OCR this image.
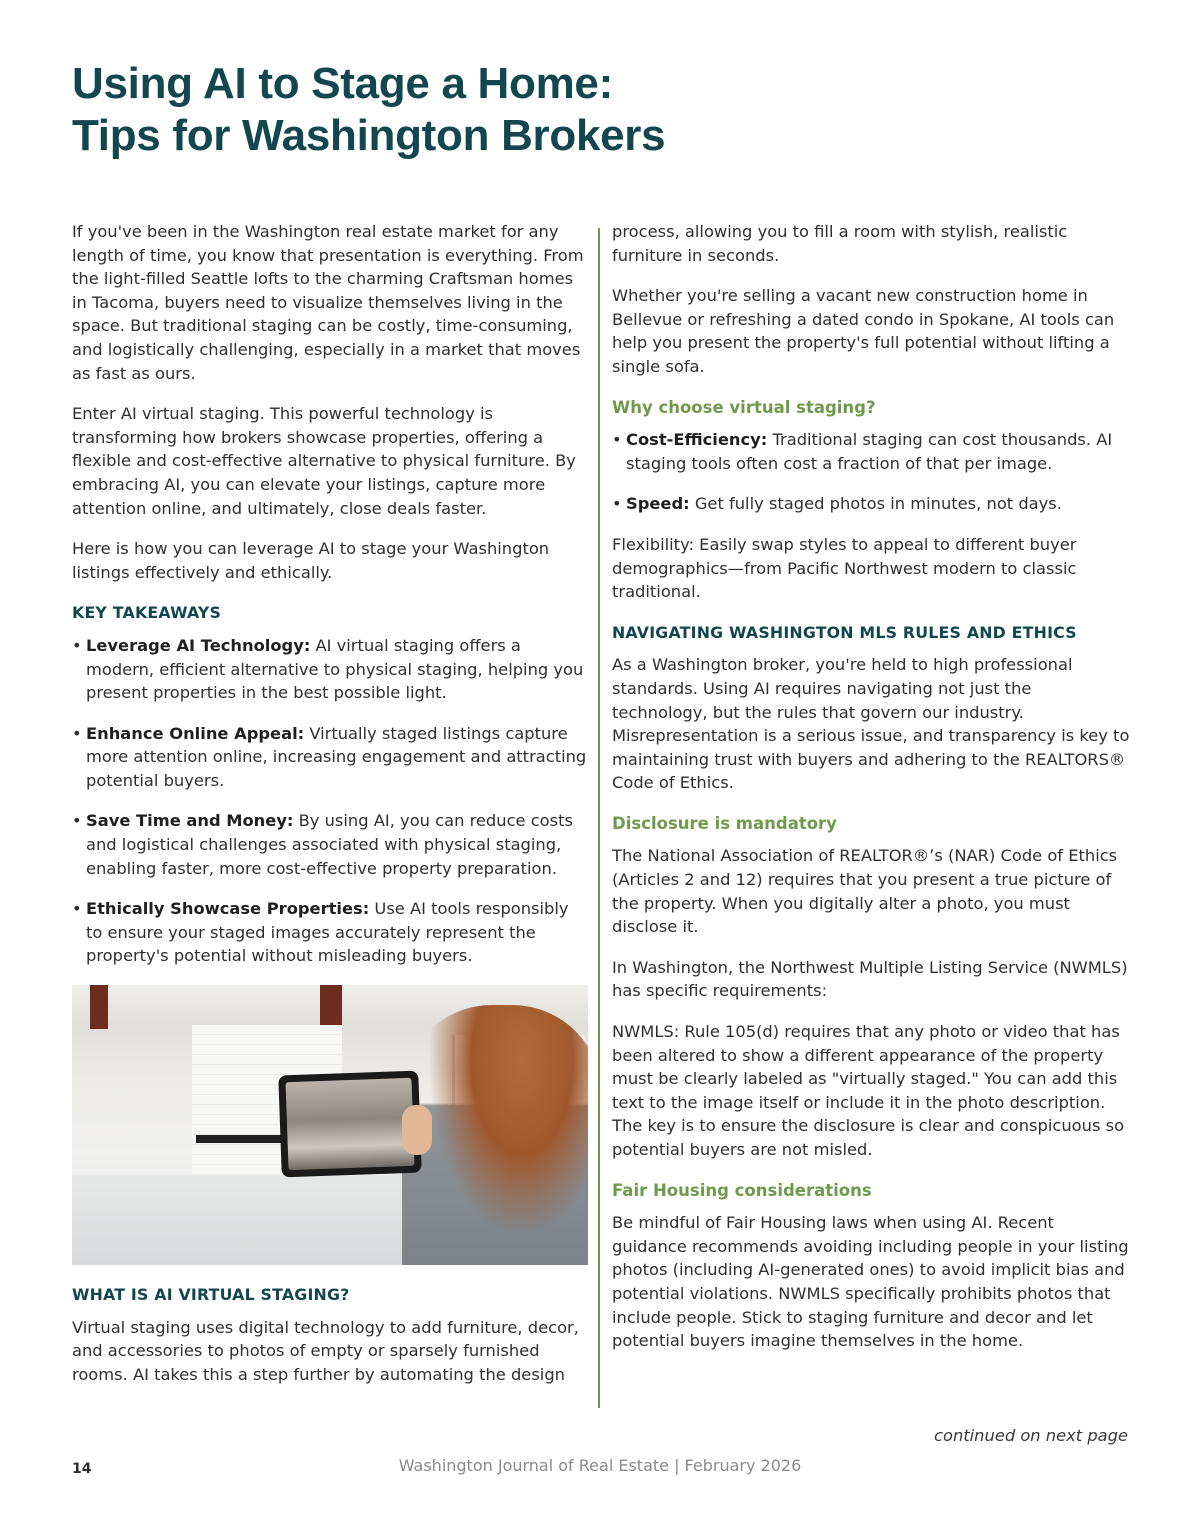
Using AI to Stage a Home:
Tips for Washington Brokers

If you've been in the Washington real estate market for any length of time, you know that presentation is everything. From the light-filled Seattle lofts to the charming Craftsman homes in Tacoma, buyers need to visualize themselves living in the space. But traditional staging can be costly, time-consuming, and logistically challenging, especially in a market that moves as fast as ours.

Enter AI virtual staging. This powerful technology is transforming how brokers showcase properties, offering a flexible and cost-effective alternative to physical furniture. By embracing AI, you can elevate your listings, capture more attention online, and ultimately, close deals faster.

Here is how you can leverage AI to stage your Washington listings effectively and ethically.

KEY TAKEAWAYS
• Leverage AI Technology: AI virtual staging offers a modern, efficient alternative to physical staging, helping you present properties in the best possible light.
• Enhance Online Appeal: Virtually staged listings capture more attention online, increasing engagement and attracting potential buyers.
• Save Time and Money: By using AI, you can reduce costs and logistical challenges associated with physical staging, enabling faster, more cost-effective property preparation.
• Ethically Showcase Properties: Use AI tools responsibly to ensure your staged images accurately represent the property's potential without misleading buyers.
WHAT IS AI VIRTUAL STAGING?

Virtual staging uses digital technology to add furniture, decor, and accessories to photos of empty or sparsely furnished rooms. AI takes this a step further by automating the design

process, allowing you to fill a room with stylish, realistic furniture in seconds.

Whether you're selling a vacant new construction home in Bellevue or refreshing a dated condo in Spokane, AI tools can help you present the property's full potential without lifting a single sofa.

Why choose virtual staging?
• Cost-Efficiency: Traditional staging can cost thousands. AI staging tools often cost a fraction of that per image.
• Speed: Get fully staged photos in minutes, not days.

Flexibility: Easily swap styles to appeal to different buyer demographics—from Pacific Northwest modern to classic traditional.

NAVIGATING WASHINGTON MLS RULES AND ETHICS

As a Washington broker, you're held to high professional standards. Using AI requires navigating not just the technology, but the rules that govern our industry. Misrepresentation is a serious issue, and transparency is key to maintaining trust with buyers and adhering to the REALTORS® Code of Ethics.

Disclosure is mandatory

The National Association of REALTOR®’s (NAR) Code of Ethics (Articles 2 and 12) requires that you present a true picture of the property. When you digitally alter a photo, you must disclose it.

In Washington, the Northwest Multiple Listing Service (NWMLS) has specific requirements:

NWMLS: Rule 105(d) requires that any photo or video that has been altered to show a different appearance of the property must be clearly labeled as "virtually staged." You can add this text to the image itself or include it in the photo description. The key is to ensure the disclosure is clear and conspicuous so potential buyers are not misled.

Fair Housing considerations

Be mindful of Fair Housing laws when using AI. Recent guidance recommends avoiding including people in your listing photos (including AI-generated ones) to avoid implicit bias and potential violations. NWMLS specifically prohibits photos that include people. Stick to staging furniture and decor and let potential buyers imagine themselves in the home.

continued on next page
14	Washington Journal of Real Estate | February 2026
